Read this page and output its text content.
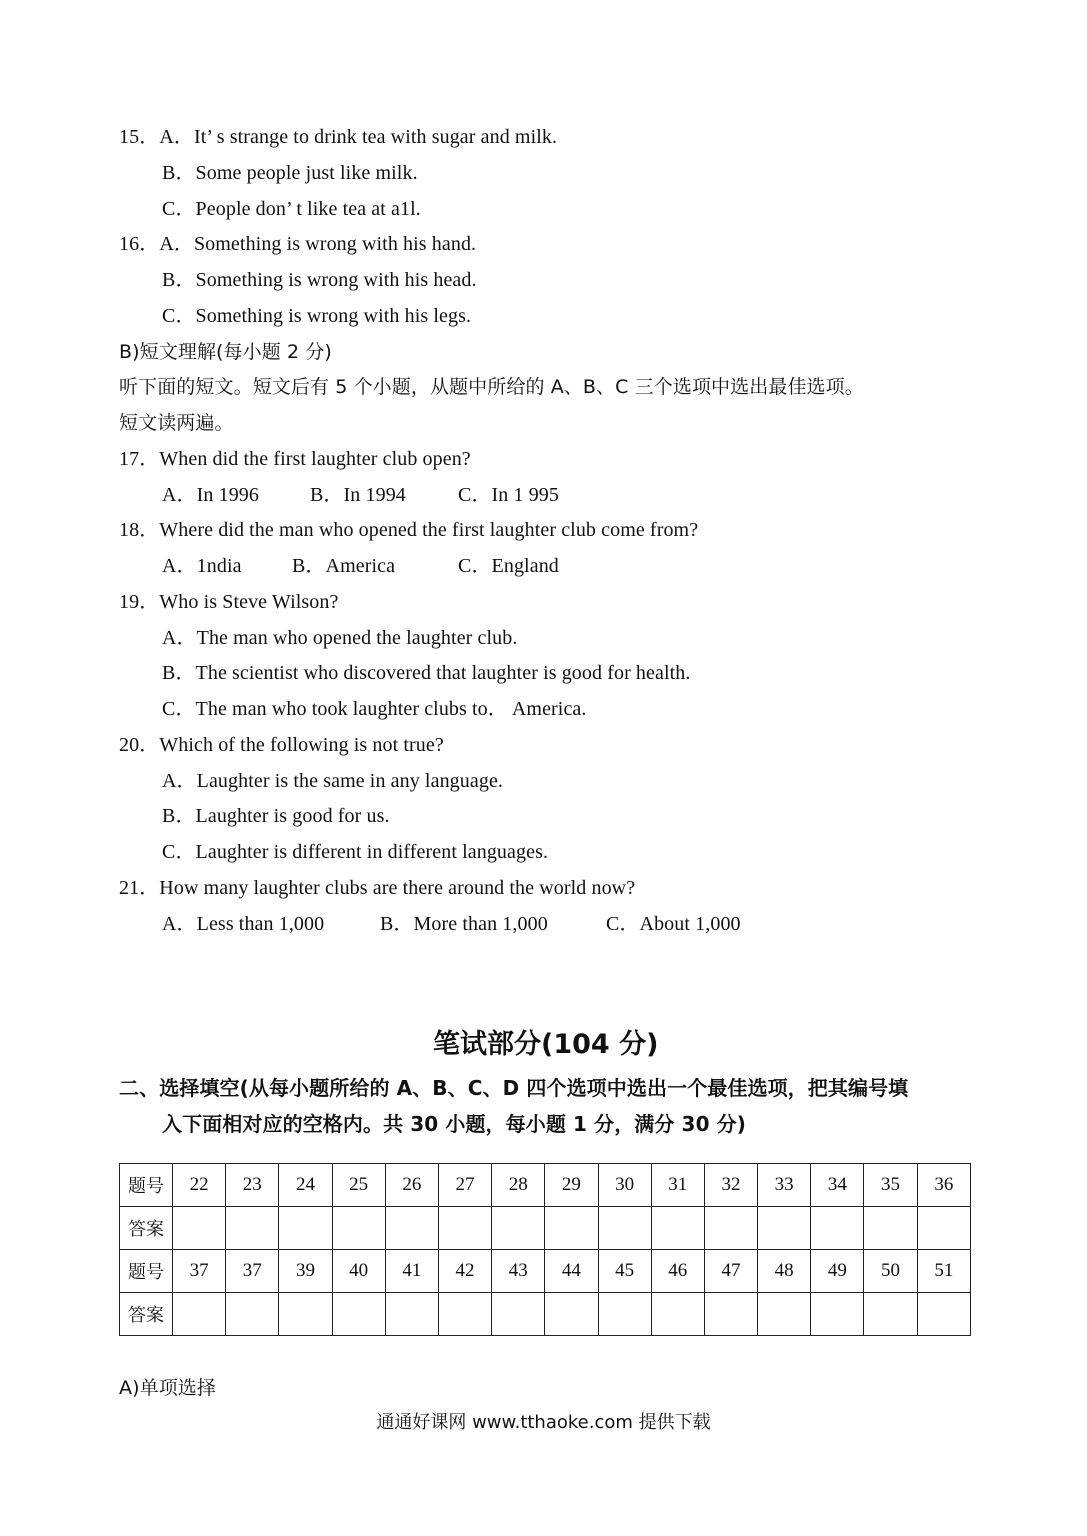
15．A．It’ s strange to drink tea with sugar and milk.
B．Some people just like milk.
C．People don’ t like tea at a1l.
16．A．Something is wrong with his hand.
B．Something is wrong with his head.
C．Something is wrong with his legs.
B)短文理解(每小题 2 分)
听下面的短文。短文后有 5 个小题，从题中所给的 A、B、C 三个选项中选出最佳选项。
短文读两遍。
17．When did the first laughter club open?
A．In 1996	B．In 1994	C．In 1 995
18．Where did the man who opened the first laughter club come from?
A．1ndia	B．America	C．England
19．Who is Steve Wilson?
A．The man who opened the laughter club.
B．The scientist who discovered that laughter is good for health.
C．The man who took laughter clubs to． America.
20．Which of the following is not true?
A．Laughter is the same in any language.
B．Laughter is good for us.
C．Laughter is different in different languages.
21．How many laughter clubs are there around the world now?
A．Less than 1,000	B．More than 1,000	C．About 1,000
笔试部分(104 分)
二、选择填空(从每小题所给的 A、B、C、D 四个选项中选出一个最佳选项，把其编号填
入下面相对应的空格内。共 30 小题，每小题 1 分，满分 30 分)
题号	22	23	24	25	26	27	28	29	30	31	32	33	34	35	36
答案															
题号	37	37	39	40	41	42	43	44	45	46	47	48	49	50	51
答案															
A)单项选择
通通好课网 www.tthaoke.com 提供下载
